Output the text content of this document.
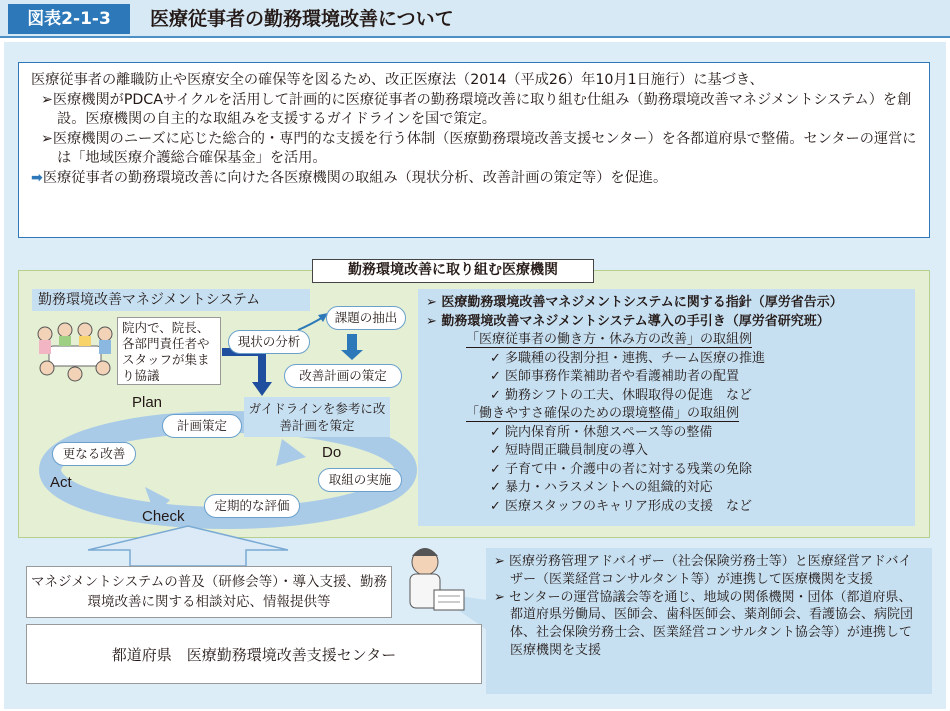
図表2-1-3	医療従事者の勤務環境改善について

医療従事者の離職防止や医療安全の確保等を図るため、改正医療法（2014（平成26）年10月1日施行）に基づき、

➢医療機関がPDCAサイクルを活用して計画的に医療従事者の勤務環境改善に取り組む仕組み（勤務環境改善マネジメントシステム）を創設。医療機関の自主的な取組みを支援するガイドラインを国で策定。

➢医療機関のニーズに応じた総合的・専門的な支援を行う体制（医療勤務環境改善支援センター）を各都道府県で整備。センターの運営には「地域医療介護総合確保基金」を活用。

➡医療従事者の勤務環境改善に向けた各医療機関の取組み（現状分析、改善計画の策定等）を促進。

勤務環境改善に取り組む医療機関
勤務環境改善マネジメントシステム
院内で、院長、各部門責任者やスタッフが集まり協議
現状の分析
課題の抽出
改善計画の策定
ガイドラインを参考に改善計画を策定
Plan
Do
Check
Act
計画策定
取組の実施
定期的な評価
更なる改善
➢ 医療勤務環境改善マネジメントシステムに関する指針（厚労省告示）
➢ 勤務環境改善マネジメントシステム導入の手引き（厚労省研究班）
「医療従事者の働き方・休み方の改善」の取組例
✓ 多職種の役割分担・連携、チーム医療の推進
✓ 医師事務作業補助者や看護補助者の配置
✓ 勤務シフトの工夫、休暇取得の促進　など
「働きやすさ確保のための環境整備」の取組例
✓ 院内保育所・休憩スペース等の整備
✓ 短時間正職員制度の導入
✓ 子育て中・介護中の者に対する残業の免除
✓ 暴力・ハラスメントへの組織的対応
✓ 医療スタッフのキャリア形成の支援　など
マネジメントシステムの普及（研修会等）・導入支援、勤務環境改善に関する相談対応、情報提供等
都道府県　医療勤務環境改善支援センター
➢ 医療労務管理アドバイザー（社会保険労務士等）と医療経営アドバイザー（医業経営コンサルタント等）が連携して医療機関を支援
➢ センターの運営協議会等を通じ、地域の関係機関・団体（都道府県、都道府県労働局、医師会、歯科医師会、薬剤師会、看護協会、病院団体、社会保険労務士会、医業経営コンサルタント協会等）が連携して医療機関を支援
